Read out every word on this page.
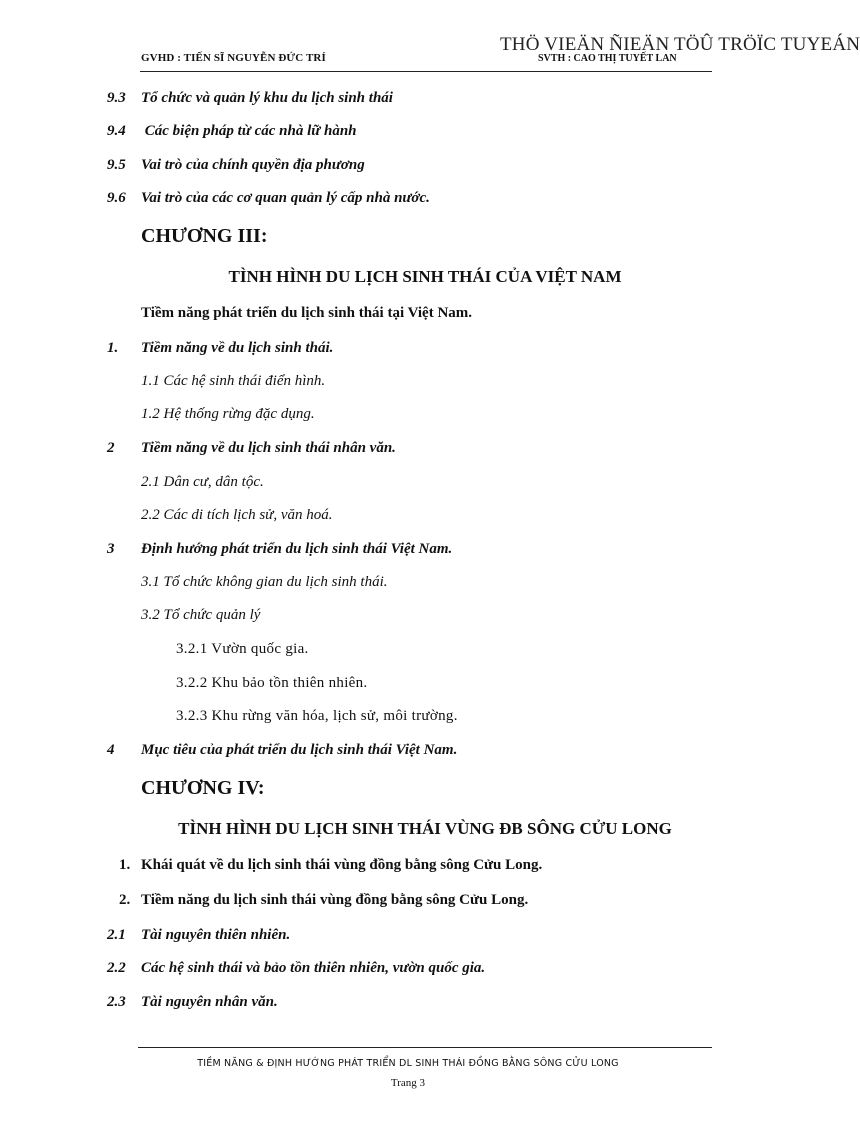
GVHD : TIẾN SĨ NGUYỄN ĐỨC TRÍ
THÖ VIEÄN ÑIEÄN TÖÛ TRÖÏC TUYEÁN
SVTH : CAO THỊ TUYẾT LAN
9.3 Tổ chức và quản lý khu du lịch sinh thái
9.4 Các biện pháp từ các nhà lữ hành
9.5 Vai trò của chính quyền địa phương
9.6 Vai trò của các cơ quan quản lý cấp nhà nước.
CHƯƠNG III:
TÌNH HÌNH DU LỊCH SINH THÁI CỦA VIỆT NAM
Tiềm năng phát triển du lịch sinh thái tại Việt Nam.
1. Tiềm năng về du lịch sinh thái.
1.1 Các hệ sinh thái điển hình.
1.2 Hệ thống rừng đặc dụng.
2 Tiềm năng về du lịch sinh thái nhân văn.
2.1 Dân cư, dân tộc.
2.2 Các di tích lịch sử, văn hoá.
3 Định hướng phát triển du lịch sinh thái Việt Nam.
3.1 Tổ chức không gian du lịch sinh thái.
3.2 Tổ chức quản lý
3.2.1 Vườn quốc gia.
3.2.2 Khu bảo tồn thiên nhiên.
3.2.3 Khu rừng văn hóa, lịch sử, môi trường.
4 Mục tiêu của phát triển du lịch sinh thái Việt Nam.
CHƯƠNG IV:
TÌNH HÌNH DU LỊCH SINH THÁI VÙNG ĐB SÔNG CỬU LONG
1. Khái quát về du lịch sinh thái vùng đồng bằng sông Cửu Long.
2. Tiềm năng du lịch sinh thái vùng đồng bằng sông Cửu Long.
2.1 Tài nguyên thiên nhiên.
2.2 Các hệ sinh thái và bảo tồn thiên nhiên, vườn quốc gia.
2.3 Tài nguyên nhân văn.
TIỀM NĂNG & ĐỊNH HƯỚNG PHÁT TRIỂN DL SINH THÁI ĐỒNG BẰNG SÔNG CỬU LONG
Trang 3
